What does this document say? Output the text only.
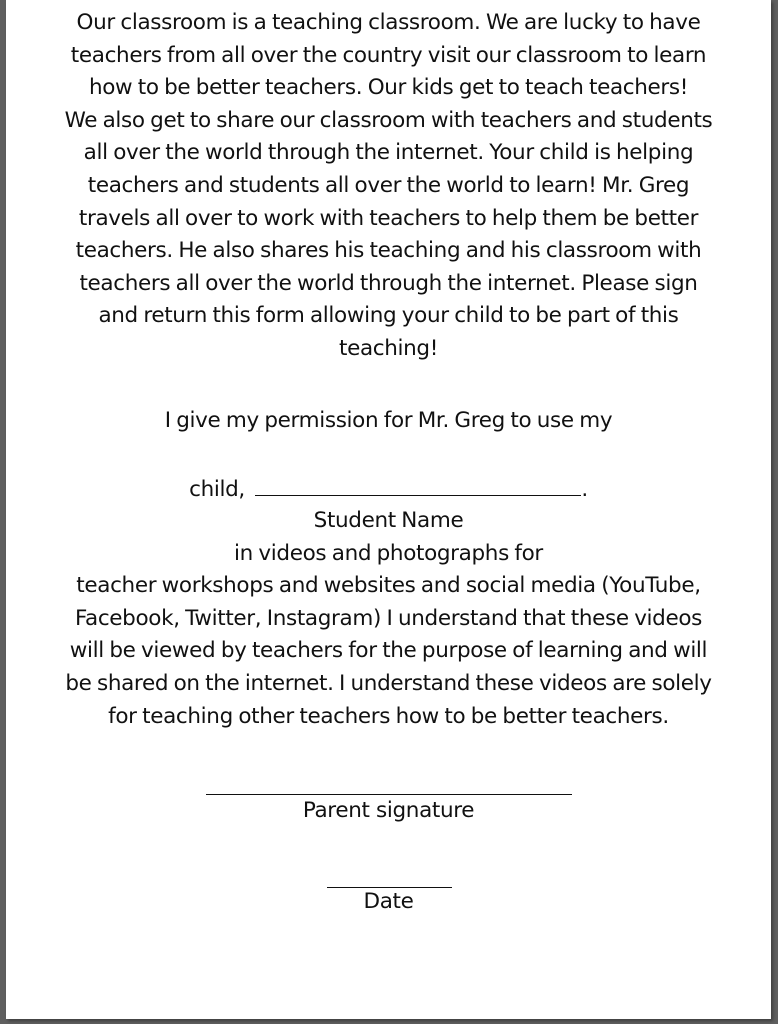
Our classroom is a teaching classroom. We are lucky to have
teachers from all over the country visit our classroom to learn
how to be better teachers. Our kids get to teach teachers!
We also get to share our classroom with teachers and students
all over the world through the internet. Your child is helping
teachers and students all over the world to learn! Mr. Greg
travels all over to work with teachers to help them be better
teachers. He also shares his teaching and his classroom with
teachers all over the world through the internet. Please sign
and return this form allowing your child to be part of this
teaching!
I give my permission for Mr. Greg to use my
child,	.
Student Name
in videos and photographs for
teacher workshops and websites and social media (YouTube,
Facebook, Twitter, Instagram) I understand that these videos
will be viewed by teachers for the purpose of learning and will
be shared on the internet. I understand these videos are solely
for teaching other teachers how to be better teachers.
Parent signature
Date
